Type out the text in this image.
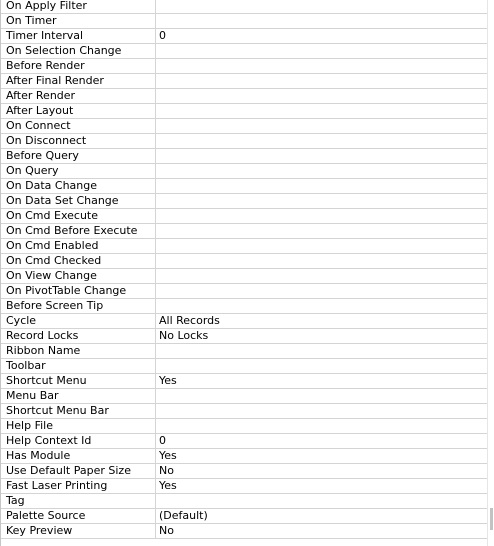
On Apply Filter
On Timer
Timer Interval	0
On Selection Change
Before Render
After Final Render
After Render
After Layout
On Connect
On Disconnect
Before Query
On Query
On Data Change
On Data Set Change
On Cmd Execute
On Cmd Before Execute
On Cmd Enabled
On Cmd Checked
On View Change
On PivotTable Change
Before Screen Tip
Cycle	All Records
Record Locks	No Locks
Ribbon Name
Toolbar
Shortcut Menu	Yes
Menu Bar
Shortcut Menu Bar
Help File
Help Context Id	0
Has Module	Yes
Use Default Paper Size	No
Fast Laser Printing	Yes
Tag
Palette Source	(Default)
Key Preview	No
